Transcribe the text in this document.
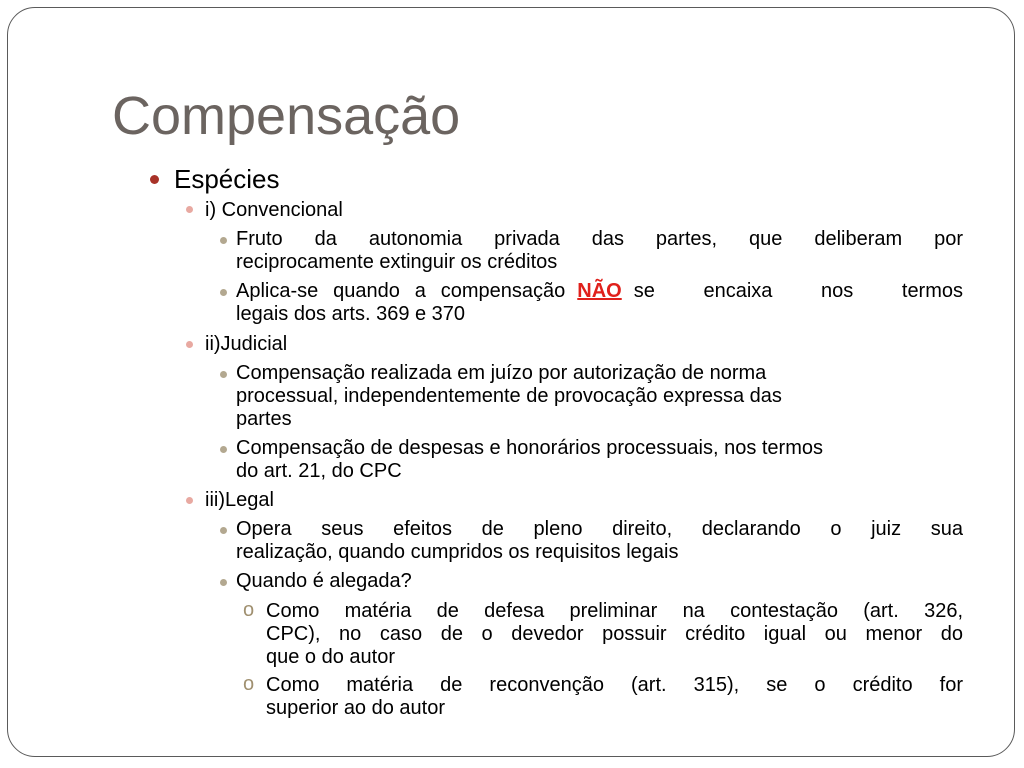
Compensação
Espécies
i) Convencional
Fruto da autonomia privada das partes, que deliberam por
reciprocamente extinguir os créditos
Aplica-se quando a compensação NÃO se encaixa nos termos
legais dos arts. 369 e 370
ii)Judicial
Compensação realizada em juízo por autorização de norma
processual, independentemente de provocação expressa das
partes
Compensação de despesas e honorários processuais, nos termos
do art. 21, do CPC
iii)Legal
Opera seus efeitos de pleno direito, declarando o juiz sua
realização, quando cumpridos os requisitos legais
Quando é alegada?
o Como matéria de defesa preliminar na contestação (art. 326,
CPC), no caso de o devedor possuir crédito igual ou menor do
que o do autor
o Como matéria de reconvenção (art. 315), se o crédito for
superior ao do autor
